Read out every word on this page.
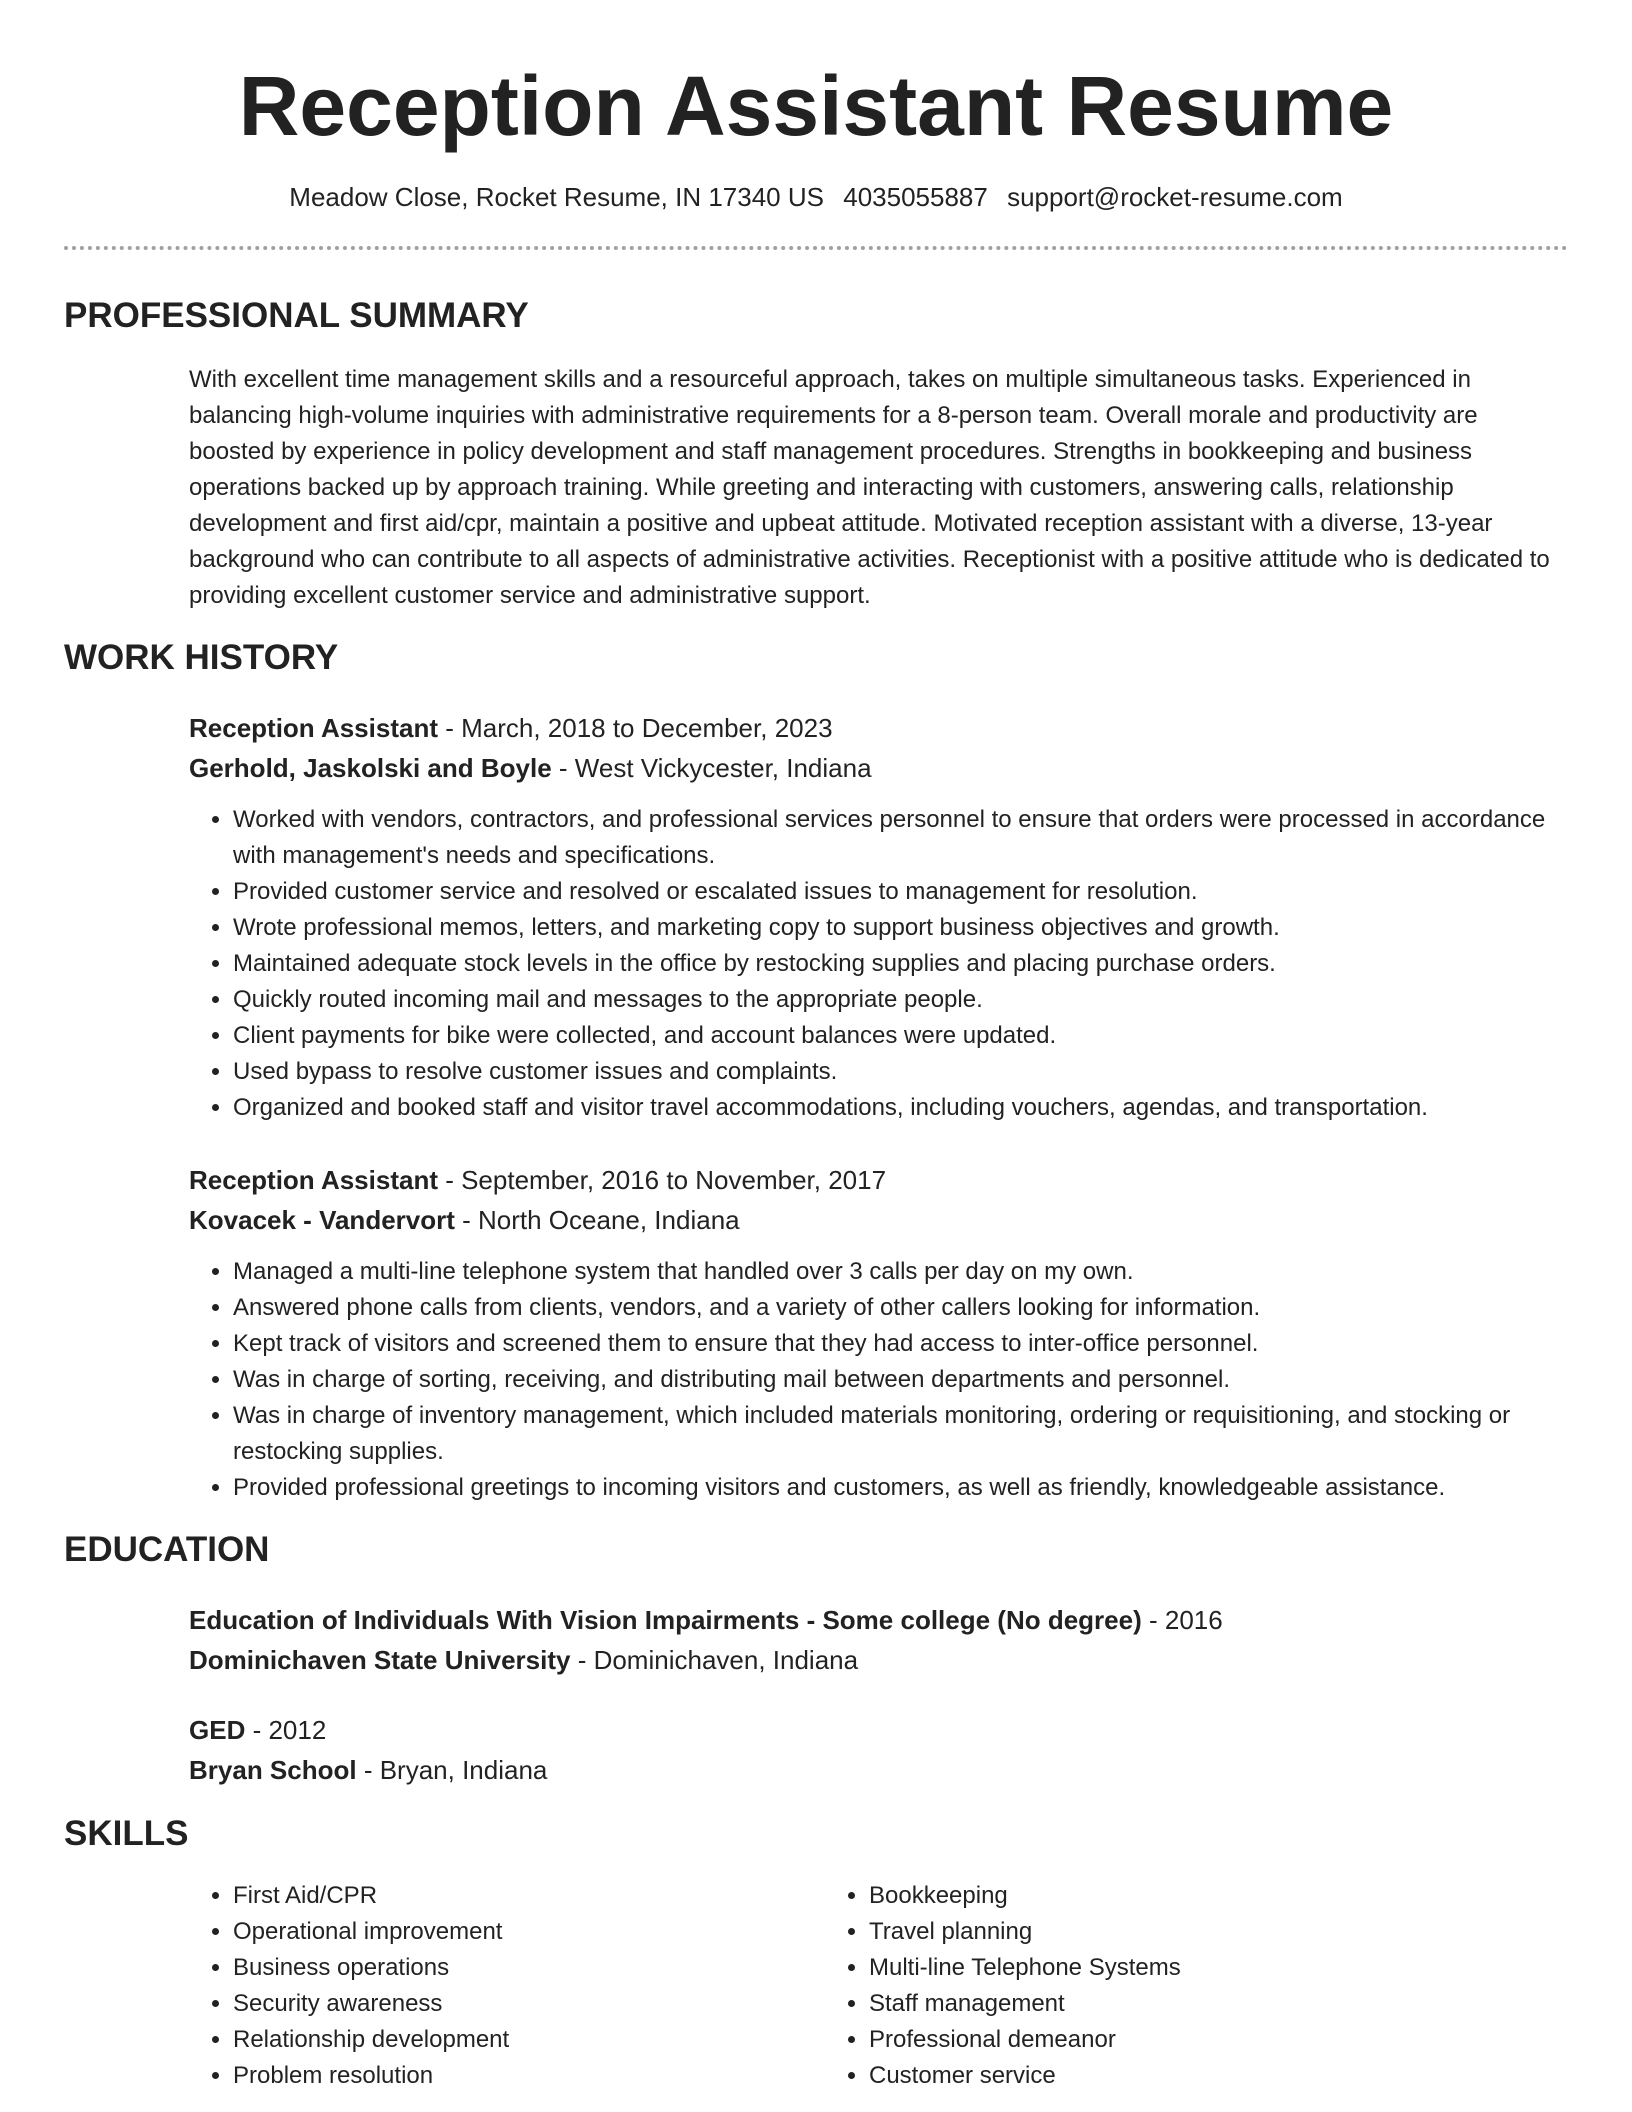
Reception Assistant Resume
Meadow Close, Rocket Resume, IN 17340 US 4035055887 support@rocket-resume.com
PROFESSIONAL SUMMARY

With excellent time management skills and a resourceful approach, takes on multiple simultaneous tasks. Experienced in balancing high-volume inquiries with administrative requirements for a 8-person team. Overall morale and productivity are boosted by experience in policy development and staff management procedures. Strengths in bookkeeping and business operations backed up by approach training. While greeting and interacting with customers, answering calls, relationship development and first aid/cpr, maintain a positive and upbeat attitude. Motivated reception assistant with a diverse, 13-year background who can contribute to all aspects of administrative activities. Receptionist with a positive attitude who is dedicated to providing excellent customer service and administrative support.

WORK HISTORY
Reception Assistant - March, 2018 to December, 2023
Gerhold, Jaskolski and Boyle - West Vickycester, Indiana
• Worked with vendors, contractors, and professional services personnel to ensure that orders were processed in accordance with management's needs and specifications.
• Provided customer service and resolved or escalated issues to management for resolution.
• Wrote professional memos, letters, and marketing copy to support business objectives and growth.
• Maintained adequate stock levels in the office by restocking supplies and placing purchase orders.
• Quickly routed incoming mail and messages to the appropriate people.
• Client payments for bike were collected, and account balances were updated.
• Used bypass to resolve customer issues and complaints.
• Organized and booked staff and visitor travel accommodations, including vouchers, agendas, and transportation.
Reception Assistant - September, 2016 to November, 2017
Kovacek - Vandervort - North Oceane, Indiana
• Managed a multi-line telephone system that handled over 3 calls per day on my own.
• Answered phone calls from clients, vendors, and a variety of other callers looking for information.
• Kept track of visitors and screened them to ensure that they had access to inter-office personnel.
• Was in charge of sorting, receiving, and distributing mail between departments and personnel.
• Was in charge of inventory management, which included materials monitoring, ordering or requisitioning, and stocking or restocking supplies.
• Provided professional greetings to incoming visitors and customers, as well as friendly, knowledgeable assistance.
EDUCATION
Education of Individuals With Vision Impairments - Some college (No degree) - 2016
Dominichaven State University - Dominichaven, Indiana
GED - 2012
Bryan School - Bryan, Indiana
SKILLS
• First Aid/CPR
• Operational improvement
• Business operations
• Security awareness
• Relationship development
• Problem resolution
• Bookkeeping
• Travel planning
• Multi-line Telephone Systems
• Staff management
• Professional demeanor
• Customer service
